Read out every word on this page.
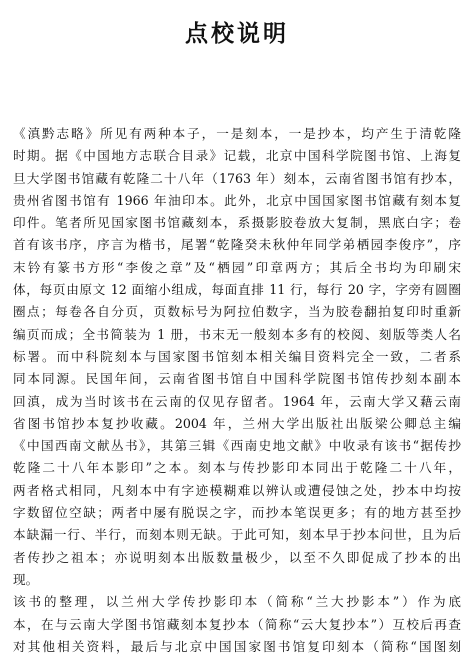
点校说明
《滇黔志略》所见有两种本子，一是刻本，一是抄本，均产生于清乾隆
时期。据《中国地方志联合目录》记载，北京中国科学院图书馆、上海复
旦大学图书馆藏有乾隆二十八年（1763 年）刻本，云南省图书馆有抄本，
贵州省图书馆有 1966 年油印本。此外，北京中国国家图书馆藏有刻本复
印件。笔者所见国家图书馆藏刻本，系摄影胶卷放大复制，黑底白字；卷
首有该书序，序言为楷书，尾署“乾隆癸未秋仲年同学弟栖园李俊序”，序
末钤有篆书方形“李俊之章”及“栖园”印章两方；其后全书均为印刷宋
体，每页由原文 12 面缩小组成，每面直排 11 行，每行 20 字，字旁有圆圈
圈点；每卷各自分页，页数标号为阿拉伯数字，当为胶卷翻拍复印时重新
编页而成；全书简装为 1 册，书末无一般刻本多有的校阅、刻版等类人名
标署。而中科院刻本与国家图书馆刻本相关编目资料完全一致，二者系
同本同源。民国年间，云南省图书馆自中国科学院图书馆传抄刻本副本
回滇，成为当时该书在云南的仅见存留者。1964 年，云南大学又藉云南
省图书馆抄本复抄收藏。2004 年，兰州大学出版社出版梁公卿总主编
《中国西南文献丛书》，其第三辑《西南史地文献》中收录有该书“据传抄
乾隆二十八年本影印”之本。刻本与传抄影印本同出于乾隆二十八年，
两者格式相同，凡刻本中有字迹模糊难以辨认或遭侵蚀之处，抄本中均按
字数留位空缺；两者中屡有脱误之字，而抄本笔误更多；有的地方甚至抄
本缺漏一行、半行，而刻本则无缺。于此可知，刻本早于抄本问世，且为后
者传抄之祖本；亦说明刻本出版数量极少，以至不久即促成了抄本的出
现。
该书的整理，以兰州大学传抄影印本（简称“兰大抄影本”）作为底
本，在与云南大学图书馆藏刻本复抄本（简称“云大复抄本”）互校后再查
对其他相关资料，最后与北京中国国家图书馆复印刻本（简称“国图刻
